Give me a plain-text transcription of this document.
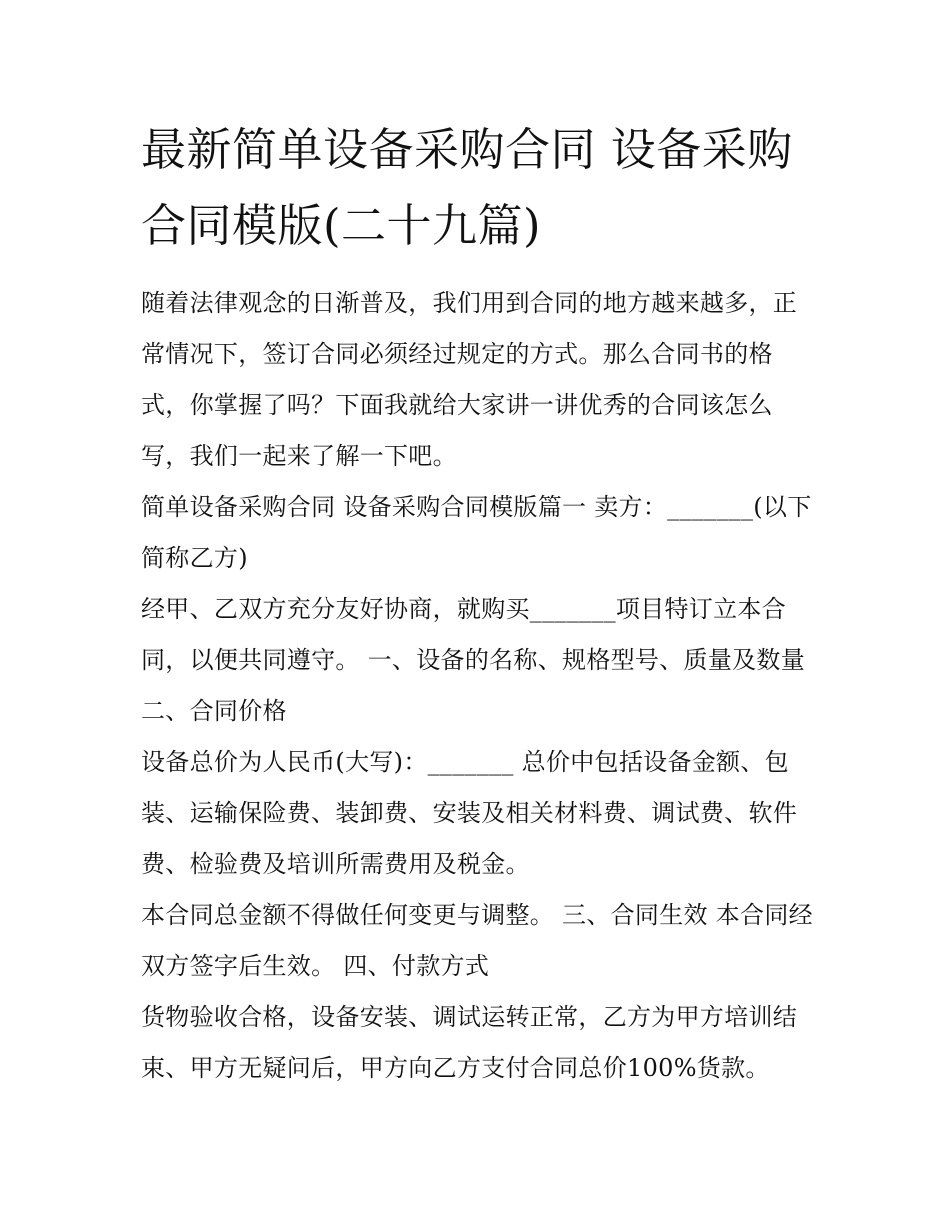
最新简单设备采购合同 设备采购合同模版(二十九篇)

随着法律观念的日渐普及，我们用到合同的地方越来越多，正常情况下，签订合同必须经过规定的方式。那么合同书的格式，你掌握了吗？下面我就给大家讲一讲优秀的合同该怎么写，我们一起来了解一下吧。

简单设备采购合同 设备采购合同模版篇一 卖方：_______(以下简称乙方)

经甲、乙双方充分友好协商，就购买_______项目特订立本合同，以便共同遵守。 一、设备的名称、规格型号、质量及数量 二、合同价格

设备总价为人民币(大写)：_______ 总价中包括设备金额、包装、运输保险费、装卸费、安装及相关材料费、调试费、软件费、检验费及培训所需费用及税金。

本合同总金额不得做任何变更与调整。 三、合同生效 本合同经双方签字后生效。 四、付款方式

货物验收合格，设备安装、调试运转正常，乙方为甲方培训结束、甲方无疑问后，甲方向乙方支付合同总价100%货款。
